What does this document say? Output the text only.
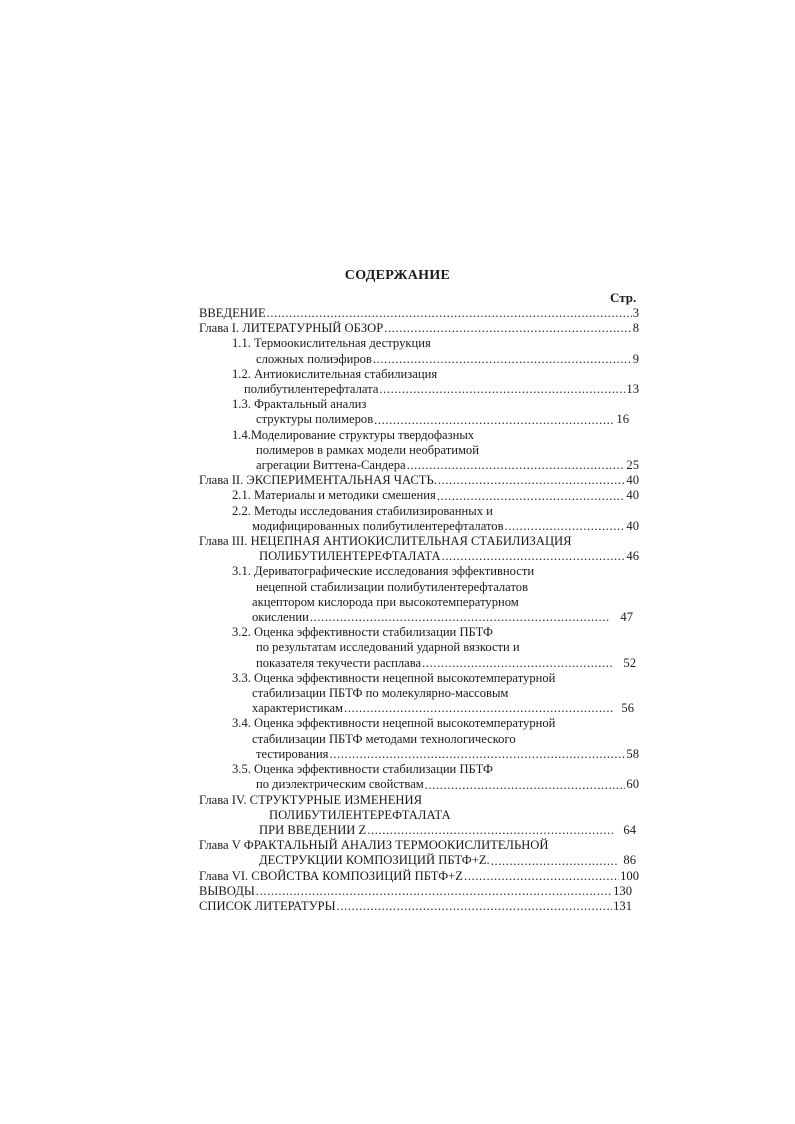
СОДЕРЖАНИЕ
Стр.
ВВЕДЕНИЕ .....	3
Глава I. ЛИТЕРАТУРНЫЙ ОБЗОР .....	8
1.1. Термоокислительная деструкция
сложных полиэфиров .....	9
1.2. Антиокислительная стабилизация
полибутилентерефталата .....	13
1.3. Фрактальный анализ
структуры полимеров .....	16
1.4.Моделирование структуры твердофазных
полимеров в рамках модели необратимой
агрегации Виттена-Сандера .....	25
Глава II. ЭКСПЕРИМЕНТАЛЬНАЯ ЧАСТЬ. .....	40
2.1. Материалы и методики смешения .....	40
2.2. Методы исследования стабилизированных и
модифицированных полибутилентерефталатов .....	40
Глава III. НЕЦЕПНАЯ АНТИОКИСЛИТЕЛЬНАЯ СТАБИЛИЗАЦИЯ
ПОЛИБУТИЛЕНТЕРЕФТАЛАТА .....	46
3.1. Дериватографические исследования эффективности
нецепной стабилизации полибутилентерефталатов
акцептором кислорода при высокотемпературном
окислении .....	47
3.2. Оценка эффективности стабилизации ПБТФ
по результатам исследований ударной вязкости и
показателя текучести расплава .....	52
3.3. Оценка эффективности нецепной высокотемпературной
стабилизации ПБТФ по молекулярно-массовым
характеристикам .....	56
3.4. Оценка эффективности нецепной высокотемпературной
стабилизации ПБТФ методами технологического
тестирования .....	58
3.5. Оценка эффективности стабилизации ПБТФ
по диэлектрическим свойствам .....	60
Глава IV. СТРУКТУРНЫЕ ИЗМЕНЕНИЯ
ПОЛИБУТИЛЕНТЕРЕФТАЛАТА
ПРИ ВВЕДЕНИИ Z .....	64
Глава V ФРАКТАЛЬНЫЙ АНАЛИЗ ТЕРМООКИСЛИТЕЛЬНОЙ
ДЕСТРУКЦИИ КОМПОЗИЦИЙ ПБТФ+Z. .....	86
Глава VI. СВОЙСТВА КОМПОЗИЦИЙ ПБТФ+Z .....	100
ВЫВОДЫ .....	130
СПИСОК ЛИТЕРАТУРЫ .....	131
